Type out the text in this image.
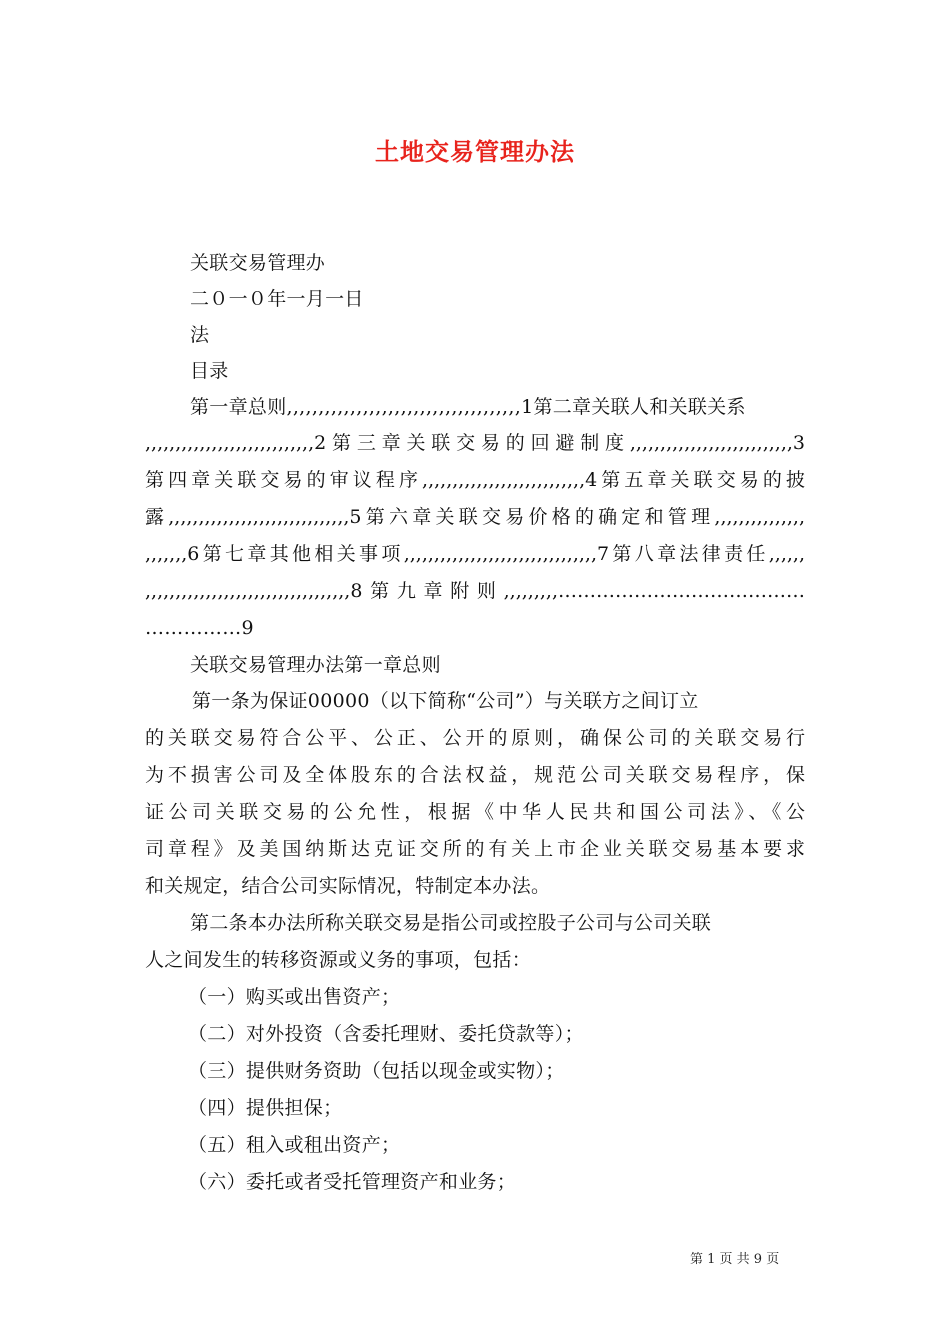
土地交易管理办法
关联交易管理办
二０一０年一月一日
法
目录
第一章总则,,,,,,,,,,,,,,,,,,,,,,,,,,,,,,,,,,,,,1第二章关联人和关联关系
,,,,,,,,,,,,,,,,,,,,,,,,,,,,2第三章关联交易的回避制度,,,,,,,,,,,,,,,,,,,,,,,,,,,3
第四章关联交易的审议程序,,,,,,,,,,,,,,,,,,,,,,,,,,,4第五章关联交易的披
露,,,,,,,,,,,,,,,,,,,,,,,,,,,,,,5第六章关联交易价格的确定和管理,,,,,,,,,,,,,,,
,,,,,,,6第七章其他相关事项,,,,,,,,,,,,,,,,,,,,,,,,,,,,,,,,7第八章法律责任,,,,,,
,,,,,,,,,,,,,,,,,,,,,,,,,,,,,,,,,,8第九章附则,,,,,,,,,…………………………………
……………9
关联交易管理办法第一章总则
第一条为保证00000（以下简称“公司”）与关联方之间订立
的关联交易符合公平、公正、公开的原则，确保公司的关联交易行
为不损害公司及全体股东的合法权益，规范公司关联交易程序，保
证公司关联交易的公允性，根据《中华人民共和国公司法》、《公
司章程》及美国纳斯达克证交所的有关上市企业关联交易基本要求
和关规定，结合公司实际情况，特制定本办法。
第二条本办法所称关联交易是指公司或控股子公司与公司关联
人之间发生的转移资源或义务的事项，包括：
（一）购买或出售资产；
（二）对外投资（含委托理财、委托贷款等）；
（三）提供财务资助（包括以现金或实物）；
（四）提供担保；
（五）租入或租出资产；
（六）委托或者受托管理资产和业务；
第 1 页 共 9 页
